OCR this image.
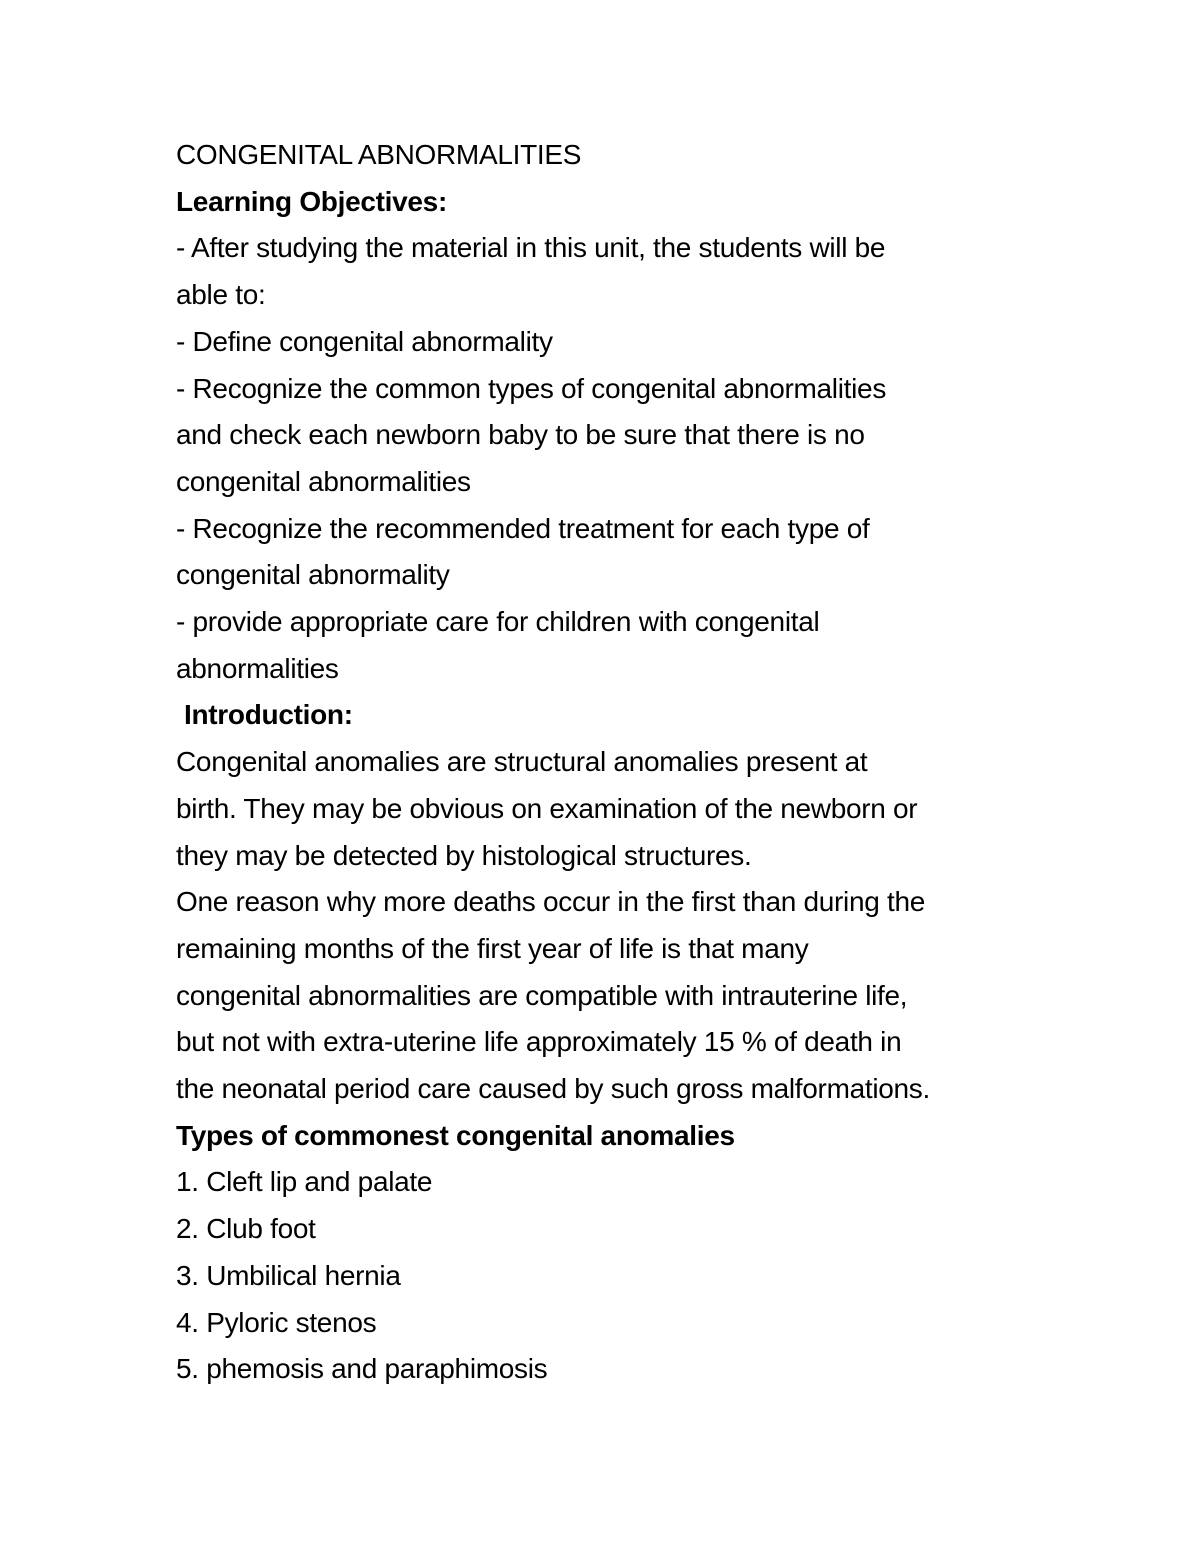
CONGENITAL ABNORMALITIES
Learning Objectives:
- After studying the material in this unit, the students will be
able to:
- Define congenital abnormality
- Recognize the common types of congenital abnormalities
and check each newborn baby to be sure that there is no
congenital abnormalities
- Recognize the recommended treatment for each type of
congenital abnormality
- provide appropriate care for children with congenital
abnormalities
Introduction:
Congenital anomalies are structural anomalies present at
birth. They may be obvious on examination of the newborn or
they may be detected by histological structures.
One reason why more deaths occur in the first than during the
remaining months of the first year of life is that many
congenital abnormalities are compatible with intrauterine life,
but not with extra-uterine life approximately 15 % of death in
the neonatal period care caused by such gross malformations.
Types of commonest congenital anomalies
1. Cleft lip and palate
2. Club foot
3. Umbilical hernia
4. Pyloric stenos
5. phemosis and paraphimosis
